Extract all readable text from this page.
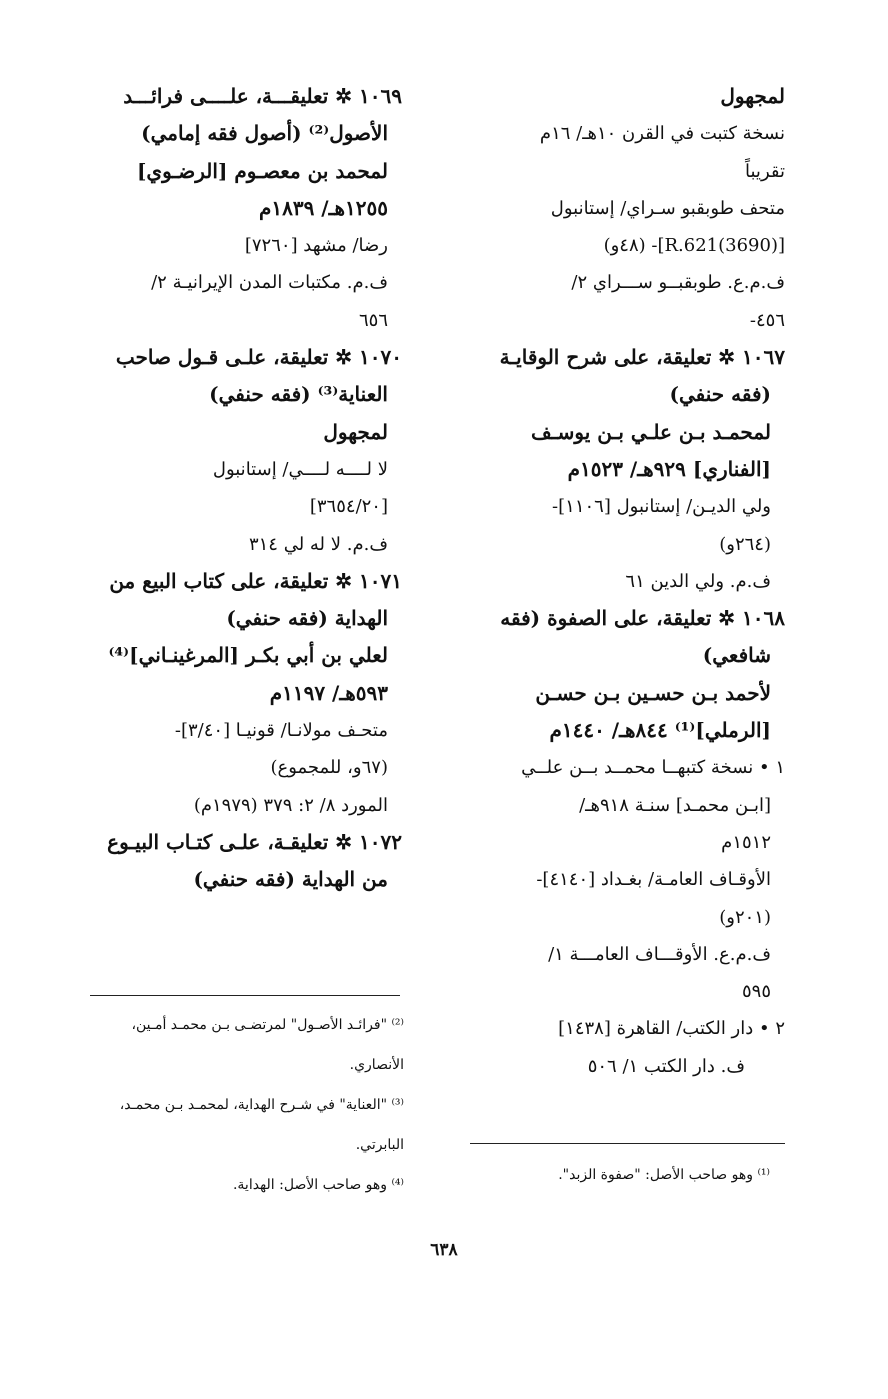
لمجهول
نسخة كتبت في القرن ١٠هـ/ ١٦م
تقريباً
متحف طوبقبو سـراي/ إستانبول
[R.621(3690)]- (٤٨و)
ف.م.ع. طوبقبــو ســـراي ٢/
٤٥٦-
١٠٦٧ ✲ تعليقة، على شرح الوقايـة
(فقه حنفي)
لمحمـد بـن علـي بـن يوسـف
[الفناري] ٩٢٩هـ/ ١٥٢٣م
ولي الديـن/ إستانبول [١١٠٦]-
(٢٦٤و)
ف.م. ولي الدين ٦١
١٠٦٨ ✲ تعليقة، على الصفوة (فقه
شافعي)
لأحمد بـن حسـين بـن حسـن
[الرملي]⁽¹⁾ ٨٤٤هـ/ ١٤٤٠م
١ • نسخة كتبهــا محمــد بــن علــي
[ابـن محمـد] سنـة ٩١٨هـ/
١٥١٢م
الأوقـاف العامـة/ بغـداد [٤١٤٠]-
(٢٠١و)
ف.م.ع. الأوقـــاف العامـــة ١/
٥٩٥
٢ • دار الكتب/ القاهرة [١٤٣٨]
ف. دار الكتب ١/ ٥٠٦
١٠٦٩ ✲ تعليقـــة، علــــى فرائـــد
الأصول⁽²⁾ (أصول فقه إمامي)
لمحمد بن معصـوم [الرضـوي]
١٢٥٥هـ/ ١٨٣٩م
رضا/ مشهد [٧٢٦٠]
ف.م. مكتبات المدن الإيرانيـة ٢/
٦٥٦
١٠٧٠ ✲ تعليقة، علـى قـول صاحب
العناية⁽³⁾ (فقه حنفي)
لمجهول
لا لــــه لــــي/ إستانبول
[٣٦٥٤/٢٠]
ف.م. لا له لي ٣١٤
١٠٧١ ✲ تعليقة، على كتاب البيع من
الهداية (فقه حنفي)
لعلي بن أبي بكـر [المرغينـاني]⁽⁴⁾
٥٩٣هـ/ ١١٩٧م
متحـف مولانـا/ قونيـا [٣/٤٠]-
(٦٧و، للمجموع)
المورد ٨/ ٢: ٣٧٩ (١٩٧٩م)
١٠٧٢ ✲ تعليقـة، علـى كتـاب البيـوع
من الهداية (فقه حنفي)
⁽¹⁾ وهو صاحب الأصل: "صفوة الزبد".
⁽²⁾ "فرائـد الأصـول" لمرتضـى بـن محمـد أمـين،
الأنصاري.
⁽³⁾ "العناية" في شـرح الهداية، لمحمـد بـن محمـد،
البابرتي.
⁽⁴⁾ وهو صاحب الأصل: الهداية.
٦٣٨
